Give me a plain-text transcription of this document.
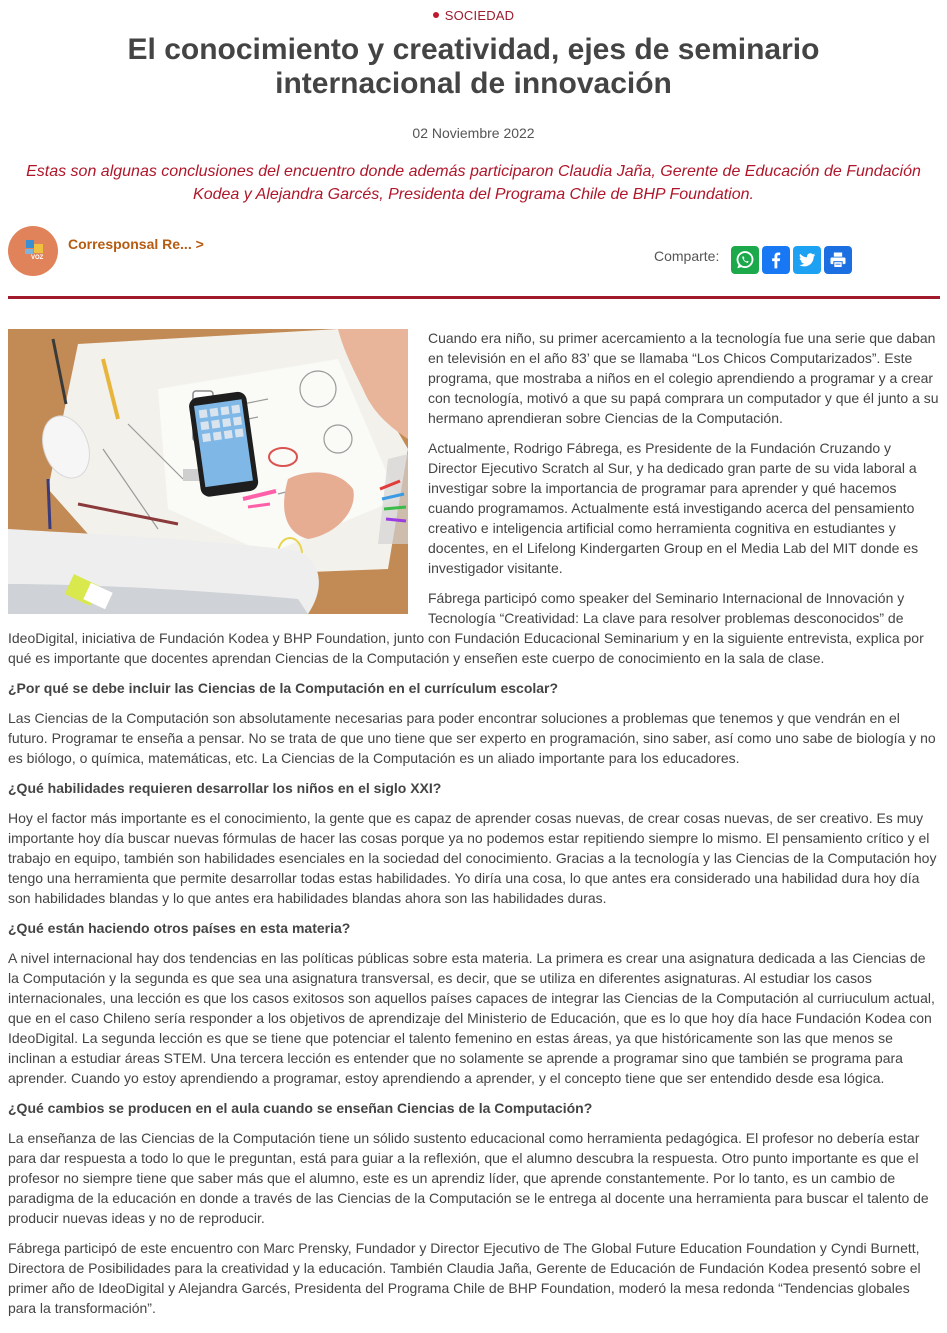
SOCIEDAD
El conocimiento y creatividad, ejes de seminario internacional de innovación
02 Noviembre 2022

Estas son algunas conclusiones del encuentro donde además participaron Claudia Jaña, Gerente de Educación de Fundación Kodea y Alejandra Garcés, Presidenta del Programa Chile de BHP Foundation.

VOZ
Corresponsal Re... >
Comparte:

Cuando era niño, su primer acercamiento a la tecnología fue una serie que daban en televisión en el año 83’ que se llamaba “Los Chicos Computarizados”. Este programa, que mostraba a niños en el colegio aprendiendo a programar y a crear con tecnología, motivó a que su papá comprara un computador y que él junto a su hermano aprendieran sobre Ciencias de la Computación.

Actualmente, Rodrigo Fábrega, es Presidente de la Fundación Cruzando y Director Ejecutivo Scratch al Sur, y ha dedicado gran parte de su vida laboral a investigar sobre la importancia de programar para aprender y qué hacemos cuando programamos. Actualmente está investigando acerca del pensamiento creativo e inteligencia artificial como herramienta cognitiva en estudiantes y docentes, en el Lifelong Kindergarten Group en el Media Lab del MIT donde es investigador visitante.

Fábrega participó como speaker del Seminario Internacional de Innovación y Tecnología “Creatividad: La clave para resolver problemas desconocidos” de IdeoDigital, iniciativa de Fundación Kodea y BHP Foundation, junto con Fundación Educacional Seminarium y en la siguiente entrevista, explica por qué es importante que docentes aprendan Ciencias de la Computación y enseñen este cuerpo de conocimiento en la sala de clase.

¿Por qué se debe incluir las Ciencias de la Computación en el currículum escolar?

Las Ciencias de la Computación son absolutamente necesarias para poder encontrar soluciones a problemas que tenemos y que vendrán en el futuro. Programar te enseña a pensar. No se trata de que uno tiene que ser experto en programación, sino saber, así como uno sabe de biología y no es biólogo, o química, matemáticas, etc. La Ciencias de la Computación es un aliado importante para los educadores.

¿Qué habilidades requieren desarrollar los niños en el siglo XXI?

Hoy el factor más importante es el conocimiento, la gente que es capaz de aprender cosas nuevas, de crear cosas nuevas, de ser creativo. Es muy importante hoy día buscar nuevas fórmulas de hacer las cosas porque ya no podemos estar repitiendo siempre lo mismo. El pensamiento crítico y el trabajo en equipo, también son habilidades esenciales en la sociedad del conocimiento. Gracias a la tecnología y las Ciencias de la Computación hoy tengo una herramienta que permite desarrollar todas estas habilidades. Yo diría una cosa, lo que antes era considerado una habilidad dura hoy día son habilidades blandas y lo que antes era habilidades blandas ahora son las habilidades duras.

¿Qué están haciendo otros países en esta materia?

A nivel internacional hay dos tendencias en las políticas públicas sobre esta materia. La primera es crear una asignatura dedicada a las Ciencias de la Computación y la segunda es que sea una asignatura transversal, es decir, que se utiliza en diferentes asignaturas. Al estudiar los casos internacionales, una lección es que los casos exitosos son aquellos países capaces de integrar las Ciencias de la Computación al curriuculum actual, que en el caso Chileno sería responder a los objetivos de aprendizaje del Ministerio de Educación, que es lo que hoy día hace Fundación Kodea con IdeoDigital. La segunda lección es que se tiene que potenciar el talento femenino en estas áreas, ya que históricamente son las que menos se inclinan a estudiar áreas STEM. Una tercera lección es entender que no solamente se aprende a programar sino que también se programa para aprender. Cuando yo estoy aprendiendo a programar, estoy aprendiendo a aprender, y el concepto tiene que ser entendido desde esa lógica.

¿Qué cambios se producen en el aula cuando se enseñan Ciencias de la Computación?

La enseñanza de las Ciencias de la Computación tiene un sólido sustento educacional como herramienta pedagógica. El profesor no debería estar para dar respuesta a todo lo que le preguntan, está para guiar a la reflexión, que el alumno descubra la respuesta. Otro punto importante es que el profesor no siempre tiene que saber más que el alumno, este es un aprendiz líder, que aprende constantemente. Por lo tanto, es un cambio de paradigma de la educación en donde a través de las Ciencias de la Computación se le entrega al docente una herramienta para buscar el talento de producir nuevas ideas y no de reproducir.

Fábrega participó de este encuentro con Marc Prensky, Fundador y Director Ejecutivo de The Global Future Education Foundation y Cyndi Burnett, Directora de Posibilidades para la creatividad y la educación. También Claudia Jaña, Gerente de Educación de Fundación Kodea presentó sobre el primer año de IdeoDigital y Alejandra Garcés, Presidenta del Programa Chile de BHP Foundation, moderó la mesa redonda “Tendencias globales para la transformación”.
